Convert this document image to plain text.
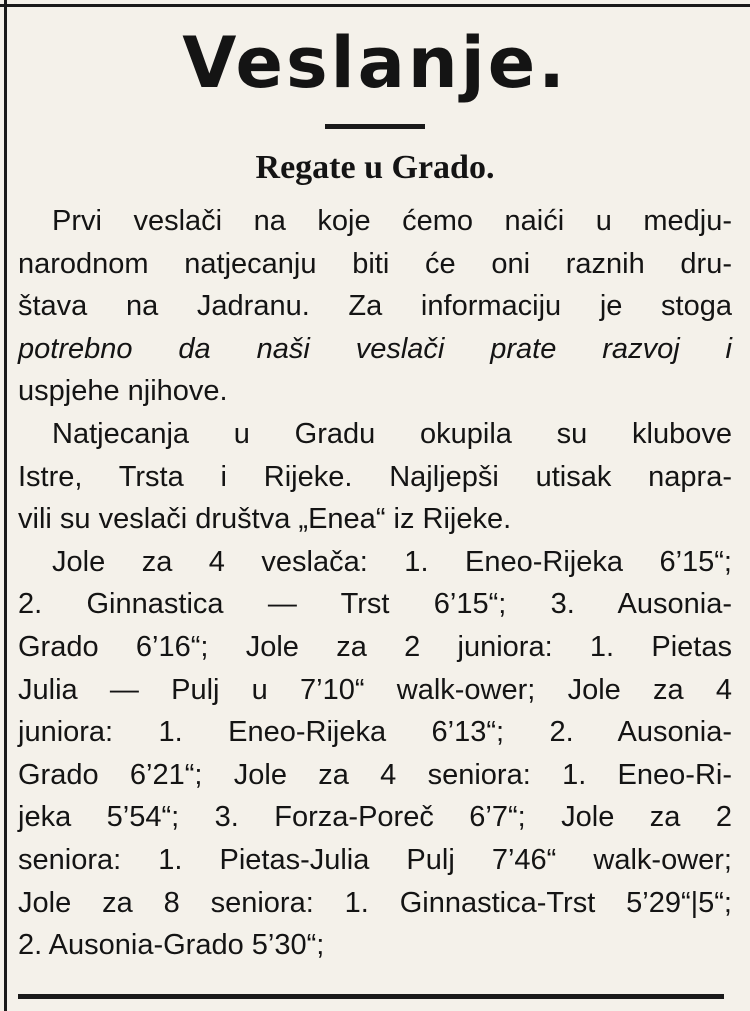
Veslanje.
Regate u Grado.
Prvi veslači na koje ćemo naići u medju-
narodnom natjecanju biti će oni raznih dru-
štava na Jadranu. Za informaciju je stoga
potrebno da naši veslači prate razvoj i
uspjehe njihove.
Natjecanja u Gradu okupila su klubove
Istre, Trsta i Rijeke. Najljepši utisak napra-
vili su veslači društva „Enea“ iz Rijeke.
Jole za 4 veslača: 1. Eneo-Rijeka 6’15“;
2. Ginnastica — Trst 6’15“; 3. Ausonia-
Grado 6’16“; Jole za 2 juniora: 1. Pietas
Julia — Pulj u 7’10“ walk-ower; Jole za 4
juniora: 1. Eneo-Rijeka 6’13“; 2. Ausonia-
Grado 6’21“; Jole za 4 seniora: 1. Eneo-Ri-
jeka 5’54“; 3. Forza-Poreč 6’7“; Jole za 2
seniora: 1. Pietas-Julia Pulj 7’46“ walk-ower;
Jole za 8 seniora: 1. Ginnastica-Trst 5’29“|5“;
2. Ausonia-Grado 5’30“;
